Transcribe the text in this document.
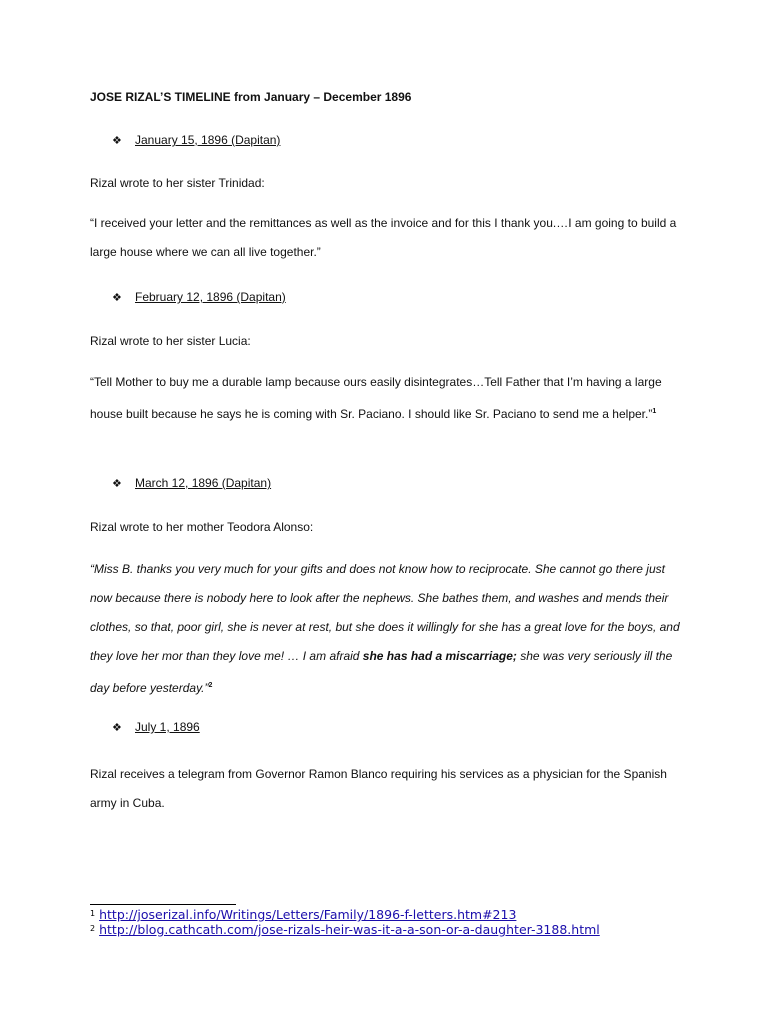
JOSE RIZAL’S TIMELINE from January – December 1896

❖ January 15, 1896 (Dapitan)

Rizal wrote to her sister Trinidad:

“I received your letter and the remittances as well as the invoice and for this I thank you.…I am going to build a large house where we can all live together.”

❖ February 12, 1896 (Dapitan)

Rizal wrote to her sister Lucia:

“Tell Mother to buy me a durable lamp because ours easily disintegrates…Tell Father that I’m having a large house built because he says he is coming with Sr. Paciano. I should like Sr. Paciano to send me a helper.”$^1$

❖ March 12, 1896 (Dapitan)

Rizal wrote to her mother Teodora Alonso:

“Miss B. thanks you very much for your gifts and does not know how to reciprocate. She cannot go there just now because there is nobody here to look after the nephews. She bathes them, and washes and mends their clothes, so that, poor girl, she is never at rest, but she does it willingly for she has a great love for the boys, and they love her mor than they love me! … I am afraid she has had a miscarriage; she was very seriously ill the day before yesterday.”$^2$

❖ July 1, 1896

Rizal receives a telegram from Governor Ramon Blanco requiring his services as a physician for the Spanish army in Cuba.

$^1$ http://joserizal.info/Writings/Letters/Family/1896-f-letters.htm#213
$^2$ http://blog.cathcath.com/jose-rizals-heir-was-it-a-a-son-or-a-daughter-3188.html
